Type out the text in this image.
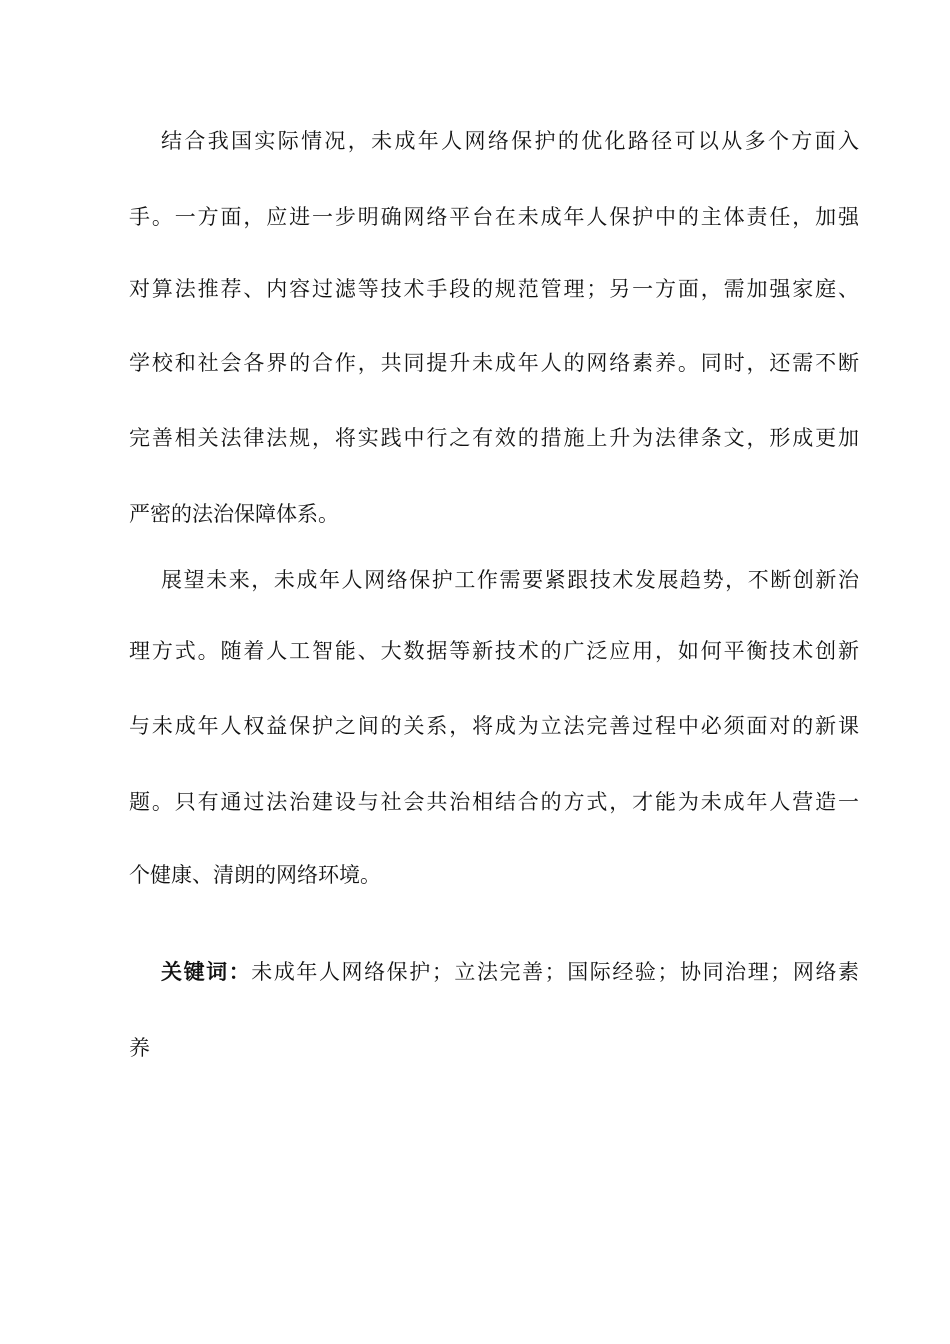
结合我国实际情况，未成年人网络保护的优化路径可以从多个方面入
手。一方面，应进一步明确网络平台在未成年人保护中的主体责任，加强
对算法推荐、内容过滤等技术手段的规范管理；另一方面，需加强家庭、
学校和社会各界的合作，共同提升未成年人的网络素养。同时，还需不断
完善相关法律法规，将实践中行之有效的措施上升为法律条文，形成更加
严密的法治保障体系。
展望未来，未成年人网络保护工作需要紧跟技术发展趋势，不断创新治
理方式。随着人工智能、大数据等新技术的广泛应用，如何平衡技术创新
与未成年人权益保护之间的关系，将成为立法完善过程中必须面对的新课
题。只有通过法治建设与社会共治相结合的方式，才能为未成年人营造一
个健康、清朗的网络环境。
关键词：未成年人网络保护；立法完善；国际经验；协同治理；网络素
养
